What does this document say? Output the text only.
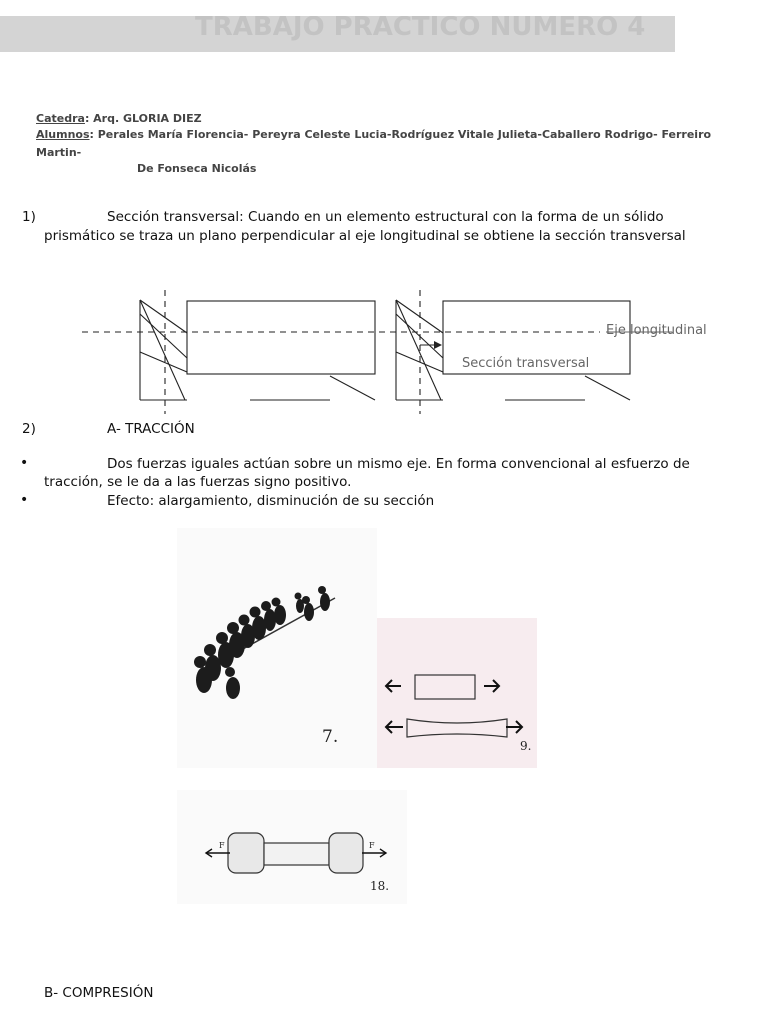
TRABAJO PRACTICO NUMERO 4
Catedra: Arq. GLORIA DIEZ
Alumnos: Perales María Florencia- Pereyra Celeste Lucia-Rodríguez Vitale Julieta-Caballero Rodrigo- Ferreiro
Martin-
De Fonseca Nicolás
1)	Sección transversal: Cuando en un elemento estructural con la forma de un sólido
prismático se traza un plano perpendicular al eje longitudinal se obtiene la sección transversal
Eje longitudinal
Sección transversal
2)	A- TRACCIÓN
•	Dos fuerzas iguales actúan sobre un mismo eje. En forma convencional al esfuerzo de
tracción, se le da a las fuerzas signo positivo.
•	Efecto: alargamiento, disminución de su sección
7.	9.
F	F
18.
B- COMPRESIÓN
